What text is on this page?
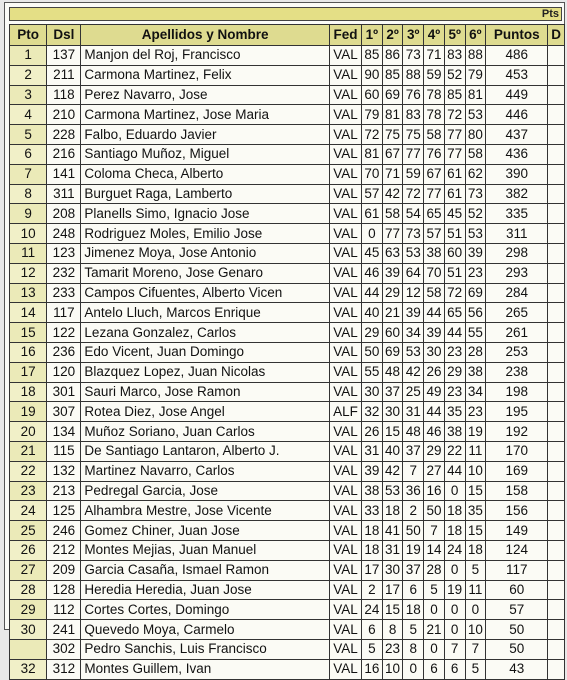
Pts
Pto	Dsl	Apellidos y Nombre	Fed	1º	2º	3º	4º	5º	6º	Puntos	D
1	137	Manjon del Roj, Francisco	VAL	85	86	73	71	83	88	486	
2	211	Carmona Martinez, Felix	VAL	90	85	88	59	52	79	453	
3	118	Perez Navarro, Jose	VAL	60	69	76	78	85	81	449	
4	210	Carmona Martinez, Jose Maria	VAL	79	81	83	78	72	53	446	
5	228	Falbo, Eduardo Javier	VAL	72	75	75	58	77	80	437	
6	216	Santiago Muñoz, Miguel	VAL	81	67	77	76	77	58	436	
7	141	Coloma Checa, Alberto	VAL	70	71	59	67	61	62	390	
8	311	Burguet Raga, Lamberto	VAL	57	42	72	77	61	73	382	
9	208	Planells Simo, Ignacio Jose	VAL	61	58	54	65	45	52	335	
10	248	Rodriguez Moles, Emilio Jose	VAL	0	77	73	57	51	53	311	
11	123	Jimenez Moya, Jose Antonio	VAL	45	63	53	38	60	39	298	
12	232	Tamarit Moreno, Jose Genaro	VAL	46	39	64	70	51	23	293	
13	233	Campos Cifuentes, Alberto Vicen	VAL	44	29	12	58	72	69	284	
14	117	Antelo Lluch, Marcos Enrique	VAL	40	21	39	44	65	56	265	
15	122	Lezana Gonzalez, Carlos	VAL	29	60	34	39	44	55	261	
16	236	Edo Vicent, Juan Domingo	VAL	50	69	53	30	23	28	253	
17	120	Blazquez Lopez, Juan Nicolas	VAL	55	48	42	26	29	38	238	
18	301	Sauri Marco, Jose Ramon	VAL	30	37	25	49	23	34	198	
19	307	Rotea Diez, Jose Angel	ALF	32	30	31	44	35	23	195	
20	134	Muñoz Soriano, Juan Carlos	VAL	26	15	48	46	38	19	192	
21	115	De Santiago Lantaron, Alberto J.	VAL	31	40	37	29	22	11	170	
22	132	Martinez Navarro, Carlos	VAL	39	42	7	27	44	10	169	
23	213	Pedregal Garcia, Jose	VAL	38	53	36	16	0	15	158	
24	125	Alhambra Mestre, Jose Vicente	VAL	33	18	2	50	18	35	156	
25	246	Gomez Chiner, Juan Jose	VAL	18	41	50	7	18	15	149	
26	212	Montes Mejias, Juan Manuel	VAL	18	31	19	14	24	18	124	
27	209	Garcia Casaña, Ismael Ramon	VAL	17	30	37	28	0	5	117	
28	128	Heredia Heredia, Juan Jose	VAL	2	17	6	5	19	11	60	
29	112	Cortes Cortes, Domingo	VAL	24	15	18	0	0	0	57	
30	241	Quevedo Moya, Carmelo	VAL	6	8	5	21	0	10	50	
	302	Pedro Sanchis, Luis Francisco	VAL	5	23	8	0	7	7	50	
32	312	Montes Guillem, Ivan	VAL	16	10	0	6	6	5	43	
